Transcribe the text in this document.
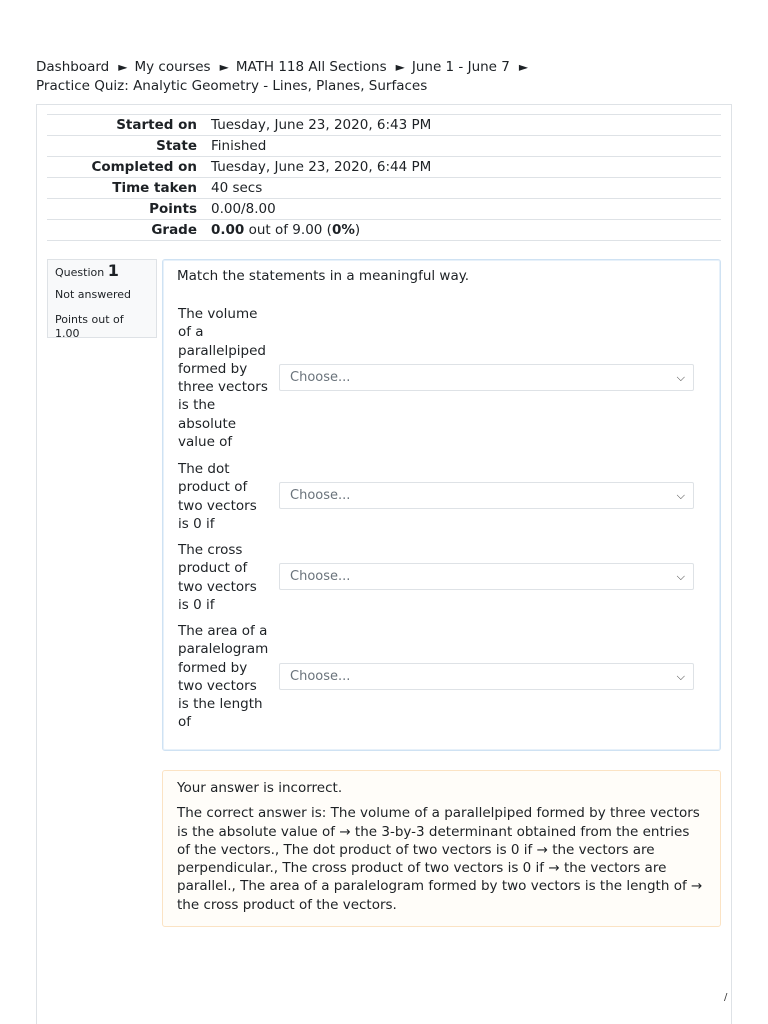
Dashboard ► My courses ► MATH 118 All Sections ► June 1 - June 7 ►
Practice Quiz: Analytic Geometry - Lines, Planes, Surfaces
Started on	Tuesday, June 23, 2020, 6:43 PM
State	Finished
Completed on	Tuesday, June 23, 2020, 6:44 PM
Time taken	40 secs
Points	0.00/8.00
Grade	0.00 out of 9.00 (0%)
Question 1
Not answered
Points out of 1.00
Match the statements in a meaningful way.
The volume of a parallelpiped formed by three vectors is the absolute value of
Choose...	⌵
The dot product of two vectors is 0 if
Choose...	⌵
The cross product of two vectors is 0 if
Choose...	⌵
The area of a paralelogram formed by two vectors is the length of
Choose...	⌵

Your answer is incorrect.

The correct answer is: The volume of a parallelpiped formed by three vectors is the absolute value of → the 3-by-3 determinant obtained from the entries of the vectors., The dot product of two vectors is 0 if → the vectors are perpendicular., The cross product of two vectors is 0 if → the vectors are parallel., The area of a paralelogram formed by two vectors is the length of → the cross product of the vectors.

/
